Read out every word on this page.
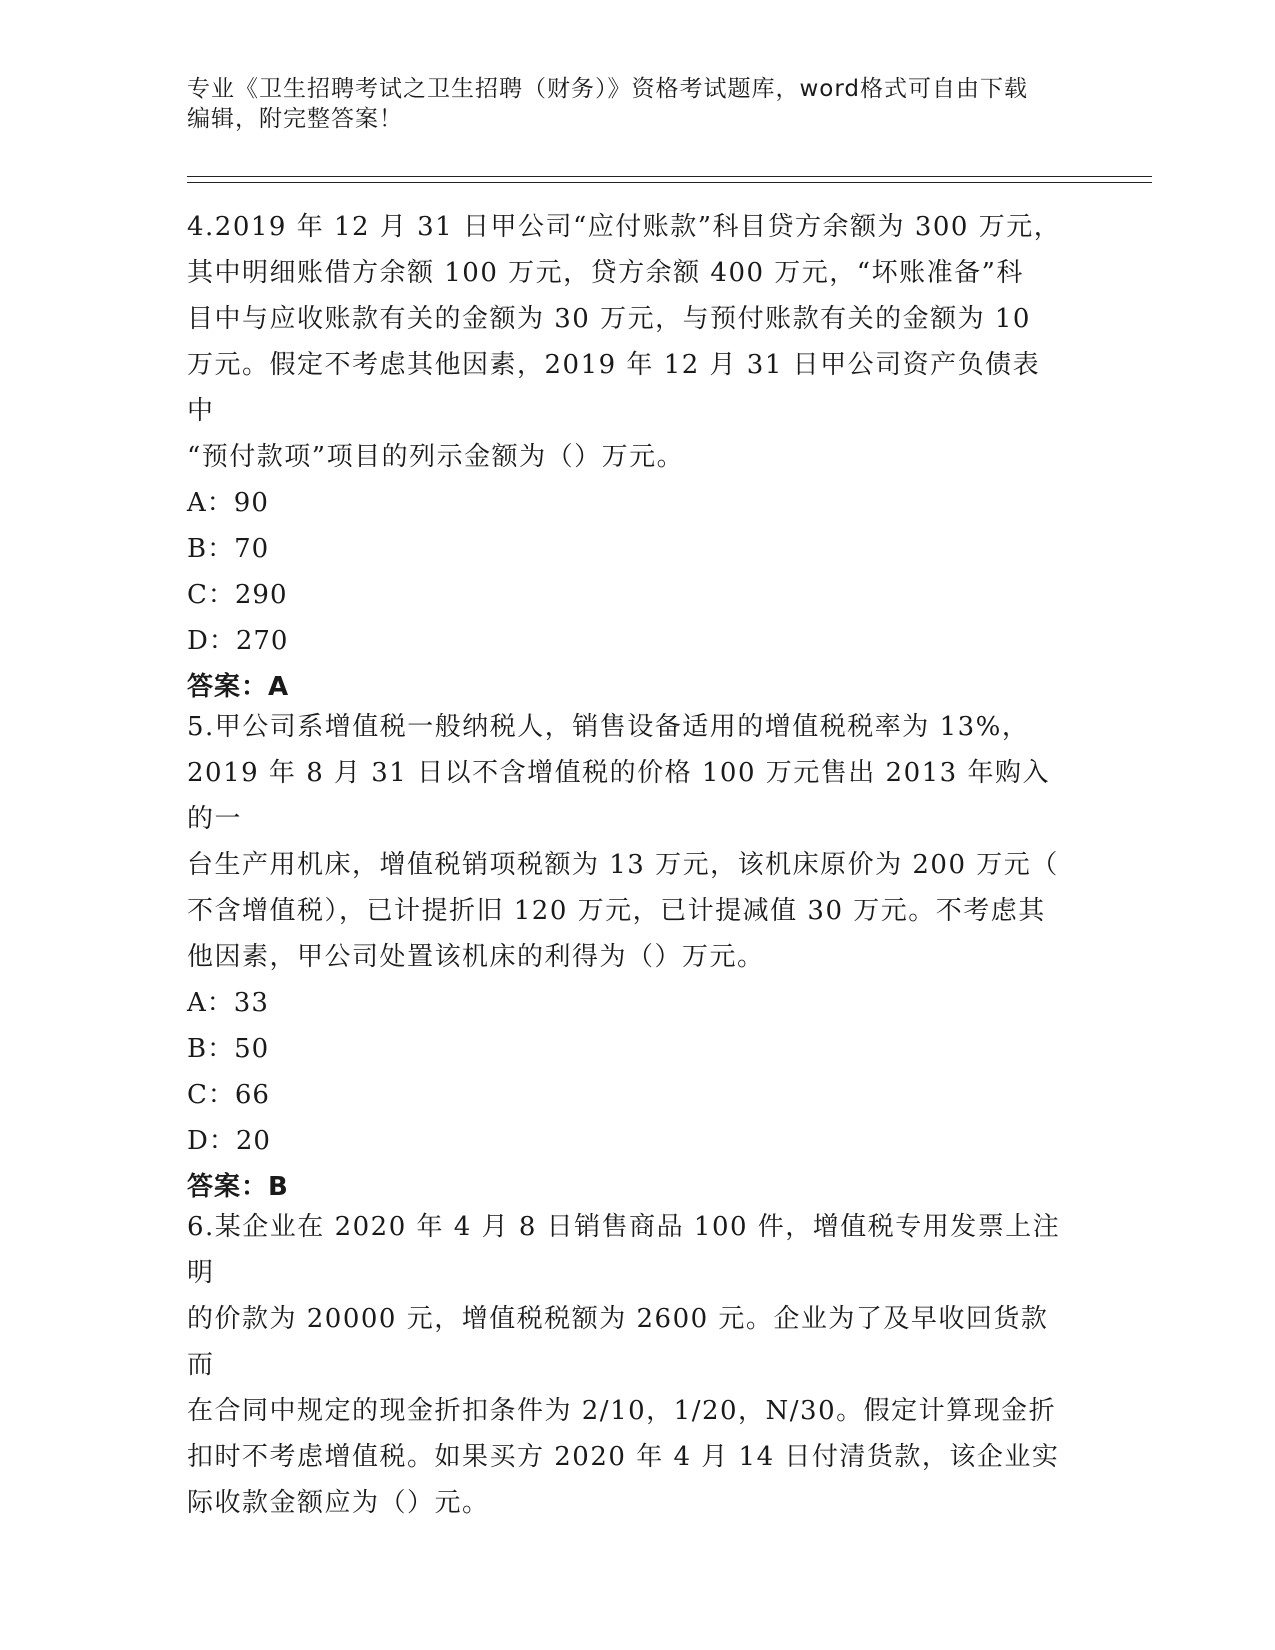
专业《卫生招聘考试之卫生招聘（财务）》资格考试题库，word格式可自由下载
编辑，附完整答案！

4.2019 年 12 月 31 日甲公司“应付账款”科目贷方余额为 300 万元，
其中明细账借方余额 100 万元，贷方余额 400 万元，“坏账准备”科
目中与应收账款有关的金额为 30 万元，与预付账款有关的金额为 10
万元。假定不考虑其他因素，2019 年 12 月 31 日甲公司资产负债表中
“预付款项”项目的列示金额为（）万元。

A：90
B：70
C：290
D：270
答案：A

5.甲公司系增值税一般纳税人，销售设备适用的增值税税率为 13%，
2019 年 8 月 31 日以不含增值税的价格 100 万元售出 2013 年购入的一
台生产用机床，增值税销项税额为 13 万元，该机床原价为 200 万元（
不含增值税），已计提折旧 120 万元，已计提减值 30 万元。不考虑其
他因素，甲公司处置该机床的利得为（）万元。

A：33
B：50
C：66
D：20
答案：B

6.某企业在 2020 年 4 月 8 日销售商品 100 件，增值税专用发票上注明
的价款为 20000 元，增值税税额为 2600 元。企业为了及早收回货款而
在合同中规定的现金折扣条件为 2/10，1/20，N/30。假定计算现金折
扣时不考虑增值税。如果买方 2020 年 4 月 14 日付清货款，该企业实
际收款金额应为（）元。
